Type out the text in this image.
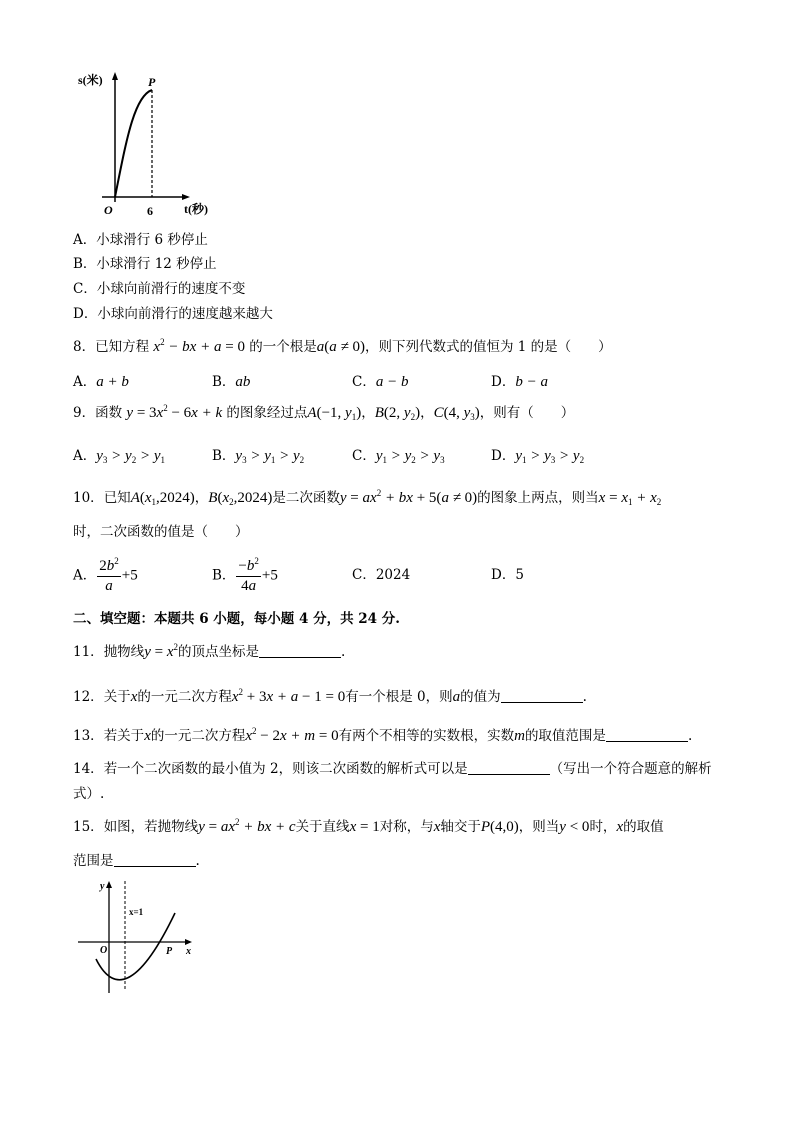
s(米)	P
O	6	t(秒)
A．小球滑行 6 秒停止
B．小球滑行 12 秒停止
C．小球向前滑行的速度不变
D．小球向前滑行的速度越来越大
8．已知方程 $x^2$ − bx + a = 0 的一个根是a(a ≠ 0)，则下列代数式的值恒为 1 的是（　　）
A．a + b	B．ab	C．a − b	D．b − a
9．函数 $y = 3x^2 - 6x + k$ 的图象经过点A(−1, $y_1$)，B(2, $y_2$)，C(4, $y_3$)，则有（　　）
A．$y_3 > y_2 > y_1$	B．$y_3 > y_1 > y_2$	C．$y_1 > y_2 > y_3$	D．$y_1 > y_3 > y_2$
10．已知$A(x_1,2024)$，$B(x_2,2024)$是二次函数$y = ax^2$ + bx + 5(a ≠ 0)的图象上两点，则当$x = x_1 + x_2$
时，二次函数的值是（　　）
A． $\frac{2b^2}{a} +5$	B． $\frac{-b^2}{4a} +5$	C．2024	D．5
二、填空题：本题共 6 小题，每小题 4 分，共 24 分.
11．抛物线$y = x^2$的顶点坐标是	.
12．关于x的一元二次方程$x^2 + 3x + a - 1 = 0$有一个根是 0，则a的值为	.
13．若关于x的一元二次方程$x^2 - 2x + m = 0$有两个不相等的实数根，实数m的取值范围是	.
14．若一个二次函数的最小值为 2，则该二次函数的解析式可以是	（写出一个符合题意的解析
式）.
15．如图，若抛物线$y = ax^2$ + bx + c关于直线x = 1对称，与x轴交于P(4,0)，则当y < 0时，x的取值
范围是	.
y
x
O	P
x=1
